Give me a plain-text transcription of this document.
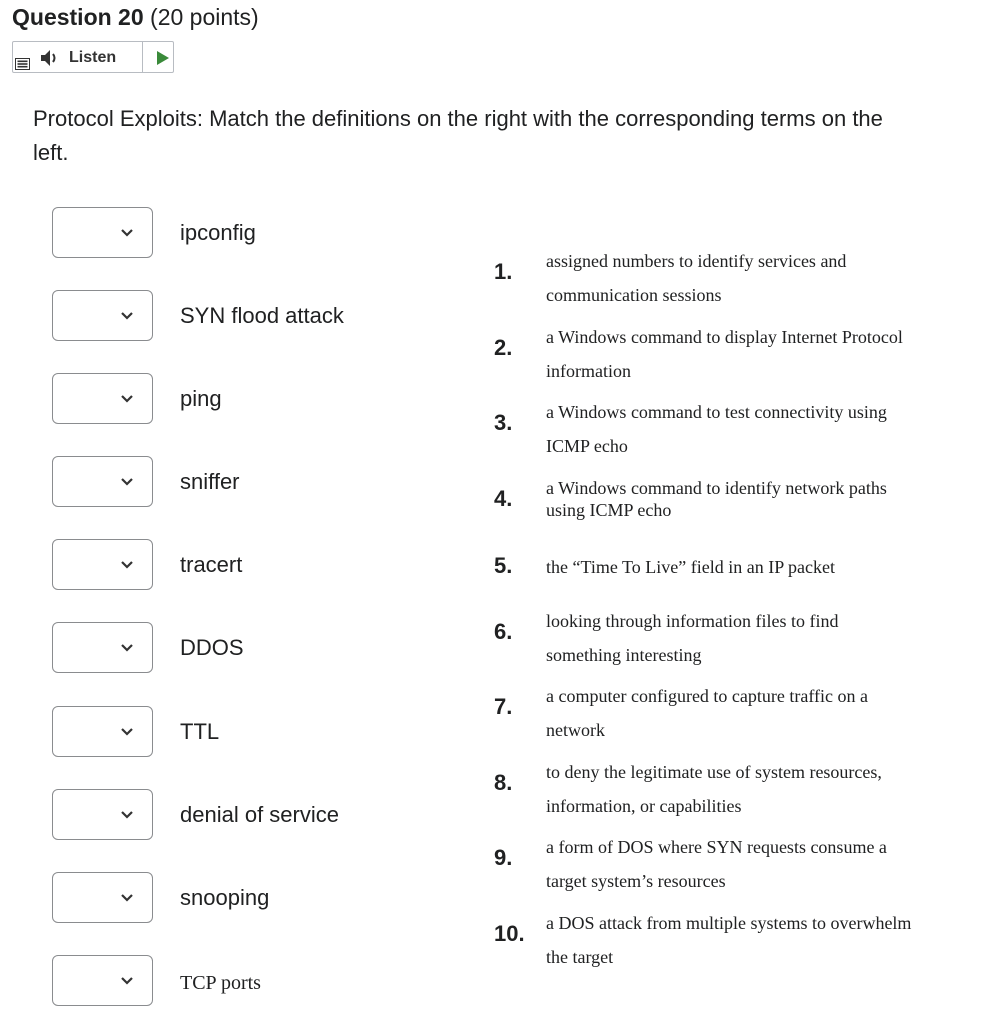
Question 20 (20 points)
Listen
Protocol Exploits: Match the definitions on the right with the corresponding terms on the left.
ipconfig
SYN flood attack
ping
sniffer
tracert
DDOS
TTL
denial of service
snooping
TCP ports
1.
2.
3.
4.
5.
6.
7.
8.
9.
10.
assigned numbers to identify services and communication sessions
a Windows command to display Internet Protocol information
a Windows command to test connectivity using ICMP echo
a Windows command to identify network paths using ICMP echo
the “Time To Live” field in an IP packet
looking through information files to find something interesting
a computer configured to capture traffic on a network
to deny the legitimate use of system resources, information, or capabilities
a form of DOS where SYN requests consume a target system’s resources
a DOS attack from multiple systems to overwhelm the target
